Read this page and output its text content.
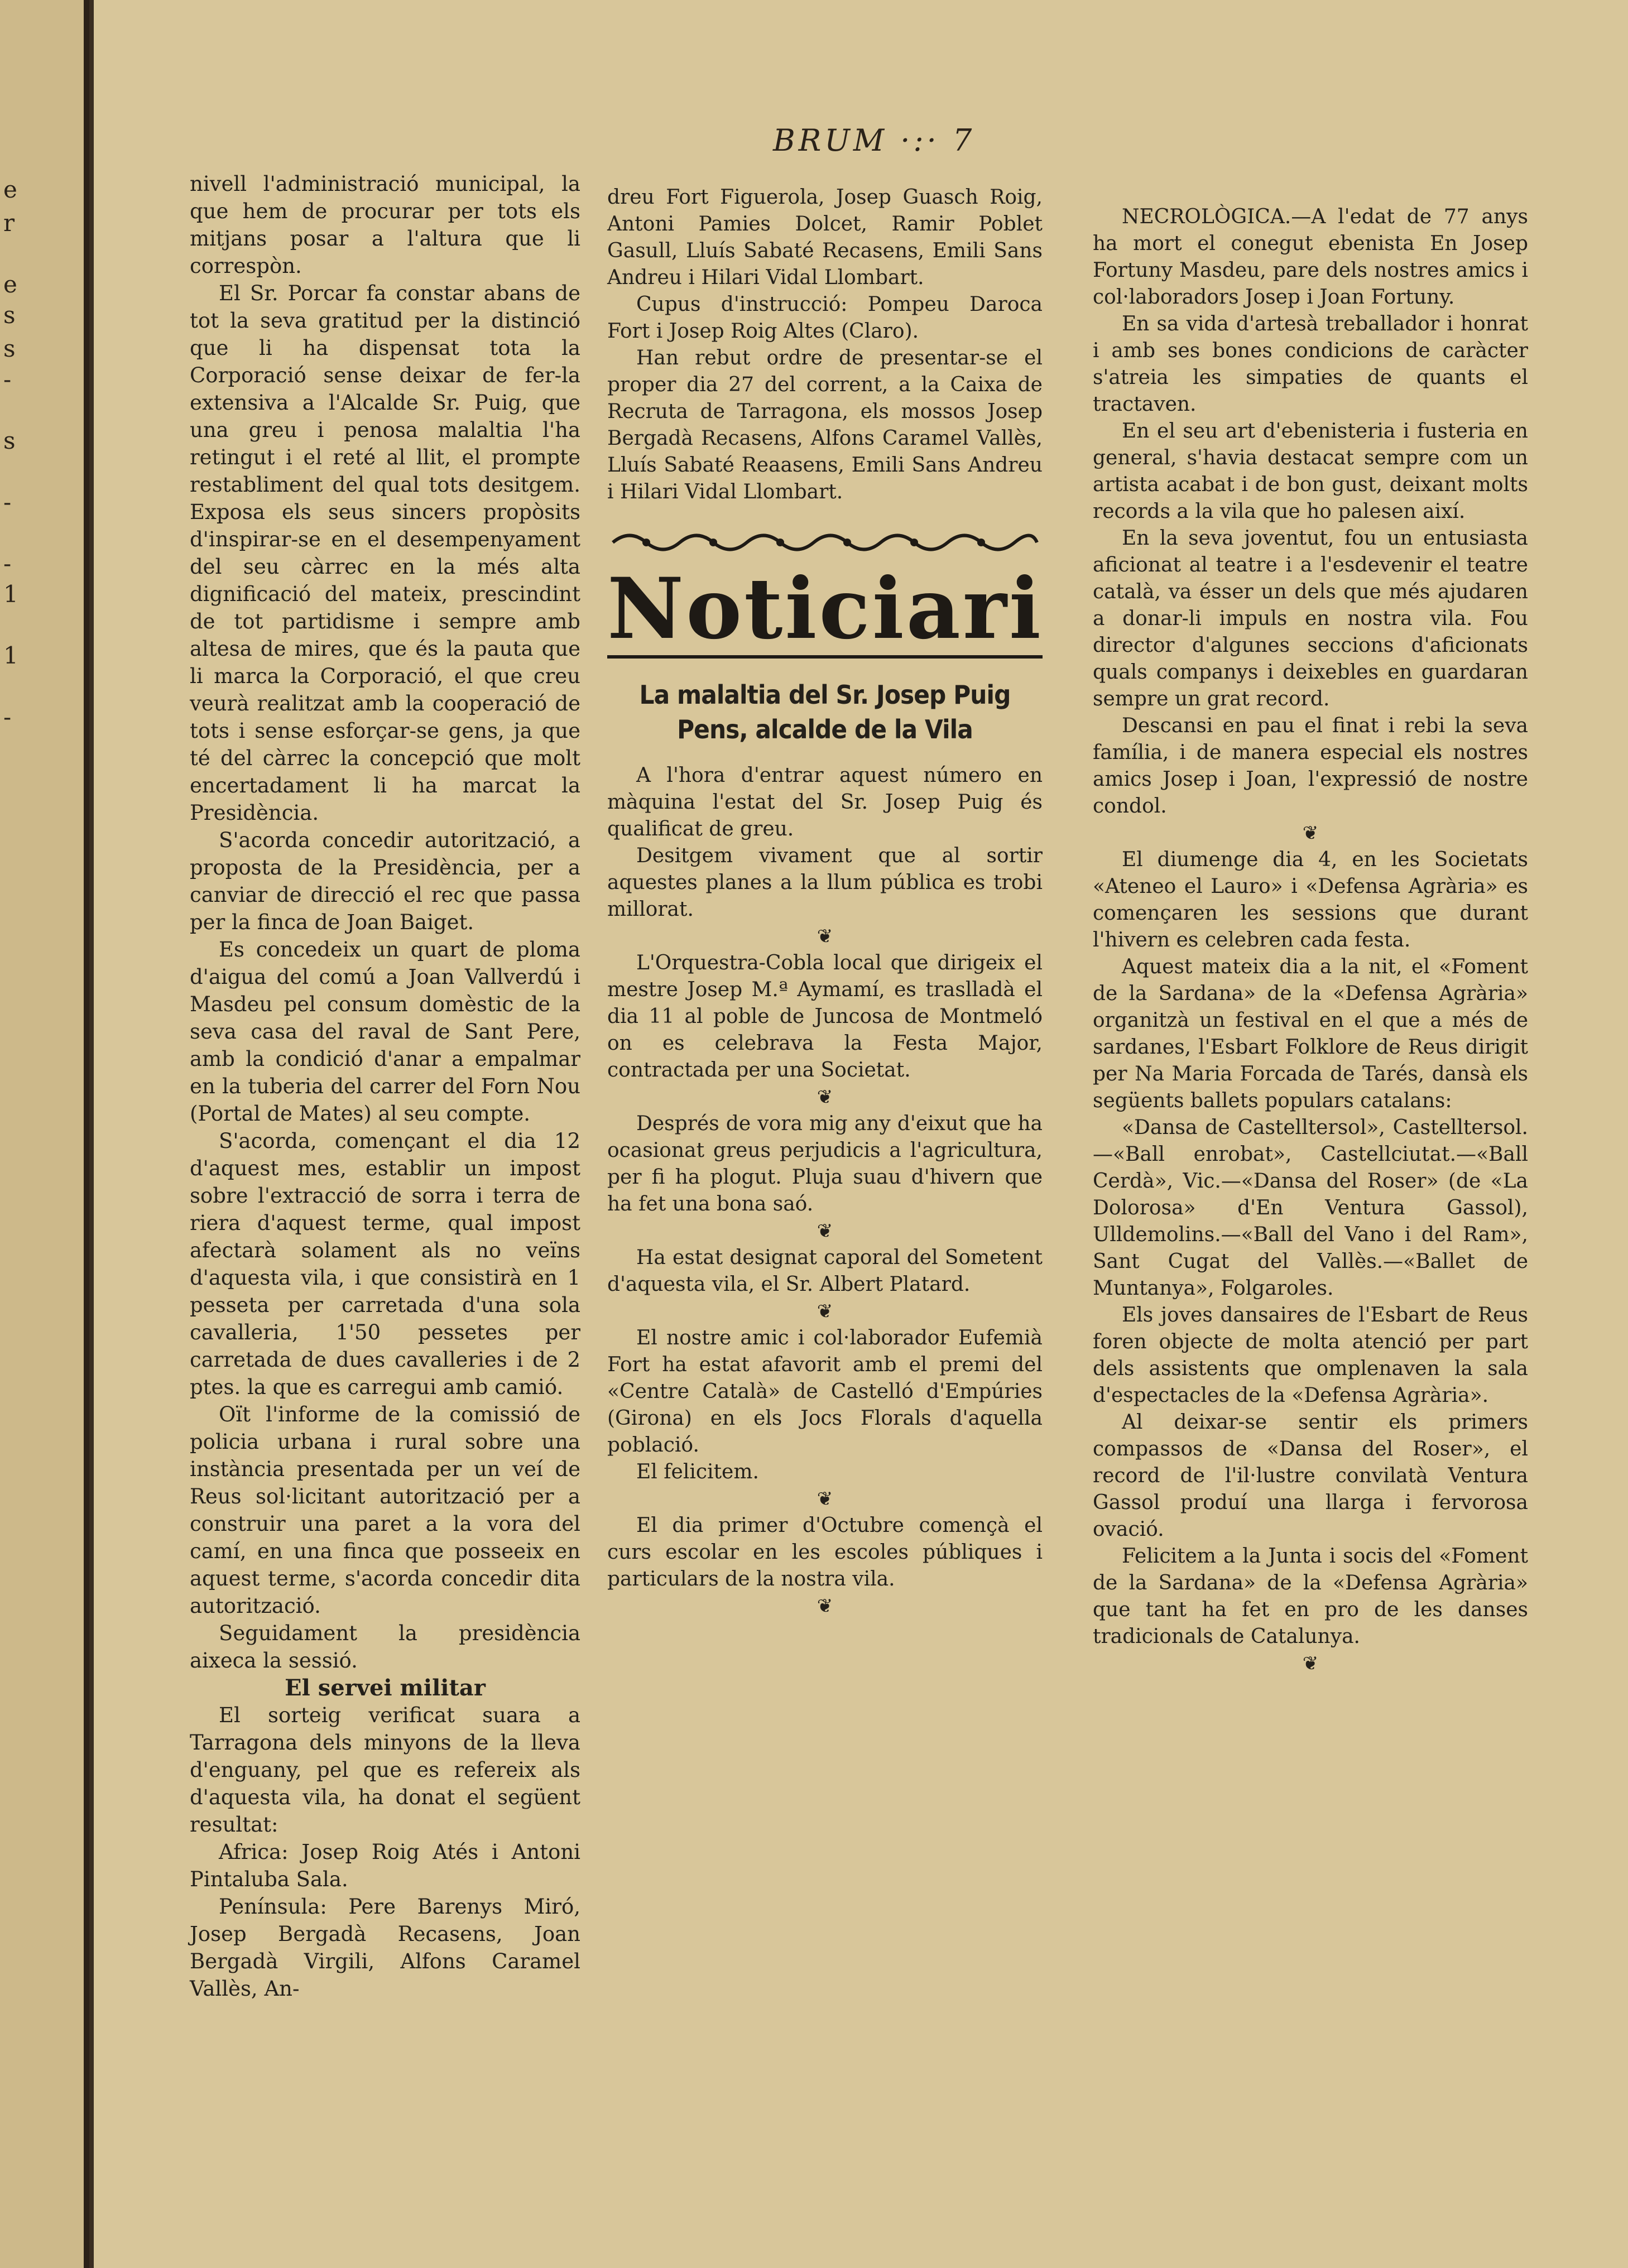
e
r
e
s
s
-
s
-
-
1
1
-
BRUM ·:· 7

nivell l'administració municipal, la que hem de procurar per tots els mitjans posar a l'altura que li correspòn.

El Sr. Porcar fa constar abans de tot la seva gratitud per la distinció que li ha dispensat tota la Corporació sense deixar de fer-la extensiva a l'Alcalde Sr. Puig, que una greu i penosa malaltia l'ha retingut i el reté al llit, el prompte restabliment del qual tots desitgem. Exposa els seus sincers propòsits d'inspirar-se en el desempenyament del seu càrrec en la més alta dignificació del mateix, prescindint de tot partidisme i sempre amb altesa de mires, que és la pauta que li marca la Corporació, el que creu veurà realitzat amb la cooperació de tots i sense esforçar-se gens, ja que té del càrrec la concepció que molt encertadament li ha marcat la Presidència.

S'acorda concedir autorització, a proposta de la Presidència, per a canviar de direcció el rec que passa per la finca de Joan Baiget.

Es concedeix un quart de ploma d'aigua del comú a Joan Vallverdú i Masdeu pel consum domèstic de la seva casa del raval de Sant Pere, amb la condició d'anar a empalmar en la tuberia del carrer del Forn Nou (Portal de Mates) al seu compte.

S'acorda, començant el dia 12 d'aquest mes, establir un impost sobre l'extracció de sorra i terra de riera d'aquest terme, qual impost afectarà solament als no veïns d'aquesta vila, i que consistirà en 1 pesseta per carretada d'una sola cavalleria, 1'50 pessetes per carretada de dues cavalleries i de 2 ptes. la que es carregui amb camió.

Oït l'informe de la comissió de policia urbana i rural sobre una instància presentada per un veí de Reus sol·licitant autorització per a construir una paret a la vora del camí, en una finca que posseeix en aquest terme, s'acorda concedir dita autorització.

Seguidament la presidència aixeca la sessió.

El servei militar

El sorteig verificat suara a Tarragona dels minyons de la lleva d'enguany, pel que es refereix als d'aquesta vila, ha donat el següent resultat:

Africa: Josep Roig Atés i Antoni Pintaluba Sala.

Península: Pere Barenys Miró, Josep Bergadà Recasens, Joan Bergadà Virgili, Alfons Caramel Vallès, An-

dreu Fort Figuerola, Josep Guasch Roig, Antoni Pamies Dolcet, Ramir Poblet Gasull, Lluís Sabaté Recasens, Emili Sans Andreu i Hilari Vidal Llombart.

Cupus d'instrucció: Pompeu Daroca Fort i Josep Roig Altes (Claro).

Han rebut ordre de presentar-se el proper dia 27 del corrent, a la Caixa de Recruta de Tarragona, els mossos Josep Bergadà Recasens, Alfons Caramel Vallès, Lluís Sabaté Reaasens, Emili Sans Andreu i Hilari Vidal Llombart.

Noticiari
La malaltia del Sr. Josep Puig Pens, alcalde de la Vila

A l'hora d'entrar aquest número en màquina l'estat del Sr. Josep Puig és qualificat de greu.

Desitgem vivament que al sortir aquestes planes a la llum pública es trobi millorat.

❦

L'Orquestra-Cobla local que dirigeix el mestre Josep M.ª Aymamí, es traslladà el dia 11 al poble de Juncosa de Montmeló on es celebrava la Festa Major, contractada per una Societat.

❦

Després de vora mig any d'eixut que ha ocasionat greus perjudicis a l'agricultura, per fi ha plogut. Pluja suau d'hivern que ha fet una bona saó.

❦

Ha estat designat caporal del Sometent d'aquesta vila, el Sr. Albert Platard.

❦

El nostre amic i col·laborador Eufemià Fort ha estat afavorit amb el premi del «Centre Català» de Castelló d'Empúries (Girona) en els Jocs Florals d'aquella població.

El felicitem.

❦

El dia primer d'Octubre començà el curs escolar en les escoles públiques i particulars de la nostra vila.

❦

NECROLÒGICA.—A l'edat de 77 anys ha mort el conegut ebenista En Josep Fortuny Masdeu, pare dels nostres amics i col·laboradors Josep i Joan Fortuny.

En sa vida d'artesà treballador i honrat i amb ses bones condicions de caràcter s'atreia les simpaties de quants el tractaven.

En el seu art d'ebenisteria i fusteria en general, s'havia destacat sempre com un artista acabat i de bon gust, deixant molts records a la vila que ho palesen així.

En la seva joventut, fou un entusiasta aficionat al teatre i a l'esdevenir el teatre català, va ésser un dels que més ajudaren a donar-li impuls en nostra vila. Fou director d'algunes seccions d'aficionats quals companys i deixebles en guardaran sempre un grat record.

Descansi en pau el finat i rebi la seva família, i de manera especial els nostres amics Josep i Joan, l'expressió de nostre condol.

❦

El diumenge dia 4, en les Societats «Ateneo el Lauro» i «Defensa Agrària» es començaren les sessions que durant l'hivern es celebren cada festa.

Aquest mateix dia a la nit, el «Foment de la Sardana» de la «Defensa Agrària» organitzà un festival en el que a més de sardanes, l'Esbart Folklore de Reus dirigit per Na Maria Forcada de Tarés, dansà els següents ballets populars catalans:

«Dansa de Castelltersol», Castelltersol.—«Ball enrobat», Castellciutat.—«Ball Cerdà», Vic.—«Dansa del Roser» (de «La Dolorosa» d'En Ventura Gassol), Ulldemolins.—«Ball del Vano i del Ram», Sant Cugat del Vallès.—«Ballet de Muntanya», Folgaroles.

Els joves dansaires de l'Esbart de Reus foren objecte de molta atenció per part dels assistents que omplenaven la sala d'espectacles de la «Defensa Agrària».

Al deixar-se sentir els primers compassos de «Dansa del Roser», el record de l'il·lustre convilatà Ventura Gassol produí una llarga i fervorosa ovació.

Felicitem a la Junta i socis del «Foment de la Sardana» de la «Defensa Agrària» que tant ha fet en pro de les danses tradicionals de Catalunya.

❦
